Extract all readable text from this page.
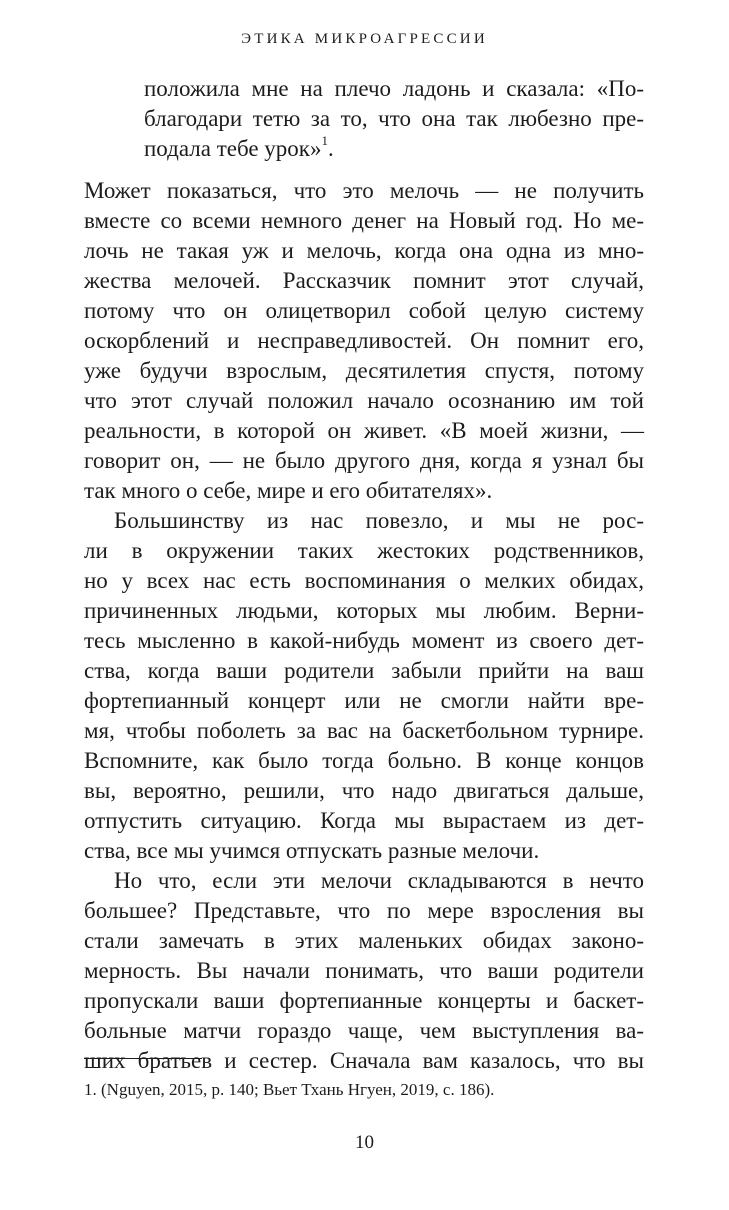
ЭТИКА МИКРОАГРЕССИИ
положила мне на плечо ладонь и сказала: «По-
благодари тетю за то, что она так любезно пре-
подала тебе урок»$^1$.
Может показаться, что это мелочь — не получить
вместе со всеми немного денег на Новый год. Но ме-
лочь не такая уж и мелочь, когда она одна из мно-
жества мелочей. Рассказчик помнит этот случай,
потому что он олицетворил собой целую систему
оскорблений и несправедливостей. Он помнит его,
уже будучи взрослым, десятилетия спустя, потому
что этот случай положил начало осознанию им той
реальности, в которой он живет. «В моей жизни, —
говорит он, — не было другого дня, когда я узнал бы
так много о себе, мире и его обитателях».
Большинству из нас повезло, и мы не рос-
ли в окружении таких жестоких родственников,
но у всех нас есть воспоминания о мелких обидах,
причиненных людьми, которых мы любим. Верни-
тесь мысленно в какой-нибудь момент из своего дет-
ства, когда ваши родители забыли прийти на ваш
фортепианный концерт или не смогли найти вре-
мя, чтобы поболеть за вас на баскетбольном турнире.
Вспомните, как было тогда больно. В конце концов
вы, вероятно, решили, что надо двигаться дальше,
отпустить ситуацию. Когда мы вырастаем из дет-
ства, все мы учимся отпускать разные мелочи.
Но что, если эти мелочи складываются в нечто
большее? Представьте, что по мере взросления вы
стали замечать в этих маленьких обидах законо-
мерность. Вы начали понимать, что ваши родители
пропускали ваши фортепианные концерты и баскет-
больные матчи гораздо чаще, чем выступления ва-
ших братьев и сестер. Сначала вам казалось, что вы
1. (Nguyen, 2015, p. 140; Вьет Тхань Нгуен, 2019, с. 186).
10
